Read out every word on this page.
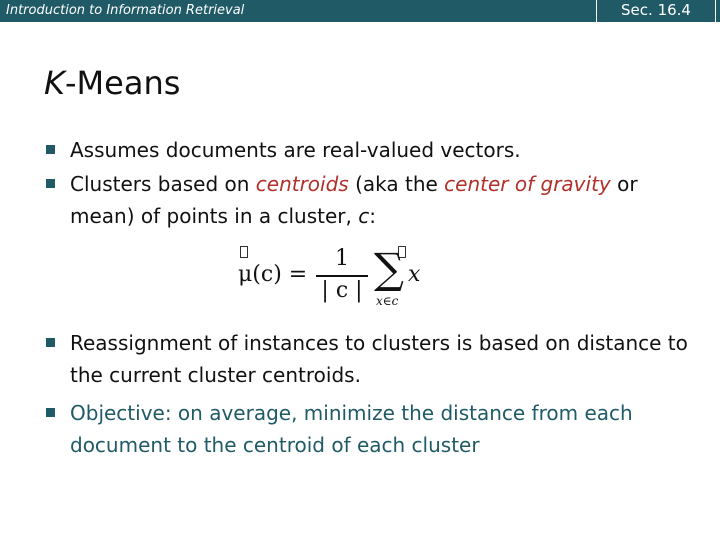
Introduction to Information Retrieval	Sec. 16.4
K-Means
Assumes documents are real-valued vectors.
Clusters based on centroids (aka the center of gravity or mean) of points in a cluster, c:
μ(c) =
1
| c | ∑
x∈c
x
Reassignment of instances to clusters is based on distance to the current cluster centroids.
Objective: on average, minimize the distance from each document to the centroid of each cluster
